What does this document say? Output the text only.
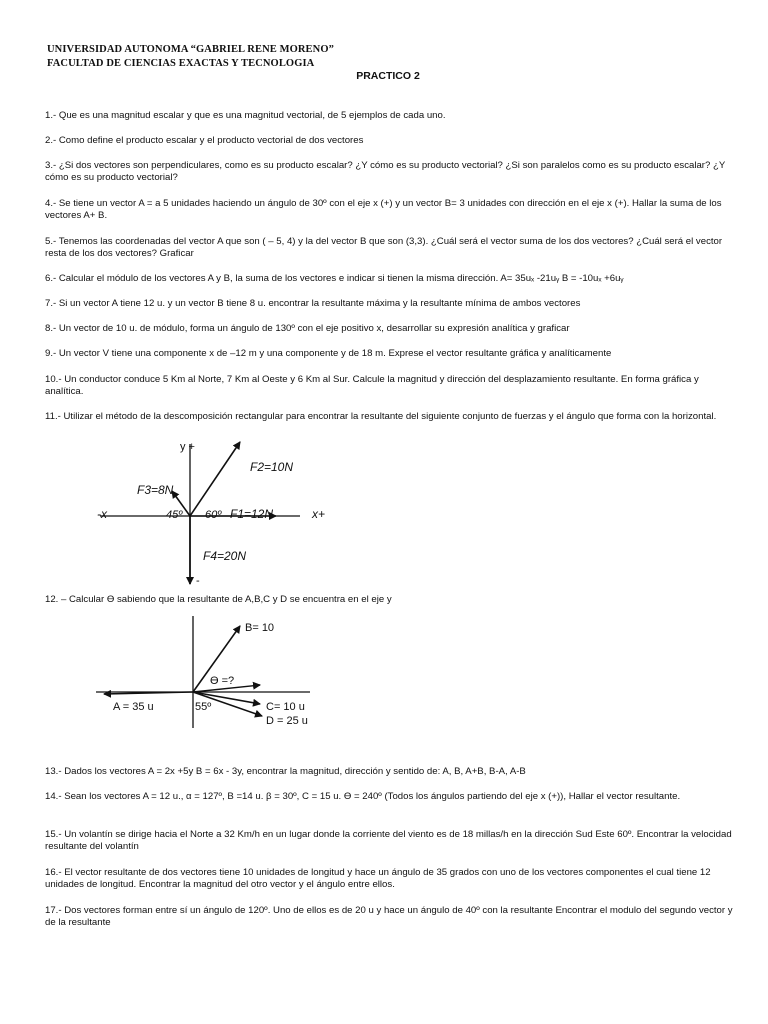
UNIVERSIDAD AUTONOMA “GABRIEL RENE MORENO”
FACULTAD DE CIENCIAS EXACTAS Y TECNOLOGIA
PRACTICO 2
1.- Que es una magnitud escalar y que es una magnitud vectorial, de 5 ejemplos de cada uno.
2.- Como define el producto escalar y el producto vectorial de dos vectores
3.- ¿Si dos vectores son perpendiculares, como es su producto escalar? ¿Y cómo es su producto vectorial? ¿Si son paralelos como es su producto escalar? ¿Y cómo es su producto vectorial?
4.- Se tiene un vector A = a 5 unidades haciendo un ángulo de 30º con el eje x (+) y un vector B= 3 unidades con dirección en el eje x (+). Hallar la suma de los vectores A+ B.
5.- Tenemos las coordenadas del vector A que son ( – 5, 4) y la del vector B que son (3,3). ¿Cuál será el vector suma de los dos vectores? ¿Cuál será el vector resta de los dos vectores? Graficar
6.- Calcular el módulo de los vectores A y B, la suma de los vectores e indicar si tienen la misma dirección. A= 35uₓ -21uᵧ B = -10uₓ +6uᵧ
7.- Si un vector A tiene 12 u. y un vector B tiene 8 u. encontrar la resultante máxima y la resultante mínima de ambos vectores
8.- Un vector de 10 u. de módulo, forma un ángulo de 130º con el eje positivo x, desarrollar su expresión analítica y graficar
9.- Un vector V tiene una componente x de –12 m y una componente y de 18 m. Exprese el vector resultante gráfica y analíticamente
10.- Un conductor conduce 5 Km al Norte, 7 Km al Oeste y 6 Km al Sur. Calcule la magnitud y dirección del desplazamiento resultante. En forma gráfica y analítica.
11.- Utilizar el método de la descomposición rectangular para encontrar la resultante del siguiente conjunto de fuerzas y el ángulo que forma con la horizontal.
y +
F2=10N
F3=8N
-x	45º 60º F1=12N	x+
F4=20N
-
12. – Calcular ϴ sabiendo que la resultante de A,B,C y D se encuentra en el eje y
B= 10
ϴ =?
A = 35 u	55º	C= 10 u
D = 25 u
13.- Dados los vectores A = 2x +5y B = 6x - 3y, encontrar la magnitud, dirección y sentido de: A, B, A+B, B-A, A-B
14.- Sean los vectores A = 12 u., α = 127º, B =14 u. β = 30º, C = 15 u. ϴ = 240º (Todos los ángulos partiendo del eje x (+)), Hallar el vector resultante.
15.- Un volantín se dirige hacia el Norte a 32 Km/h en un lugar donde la corriente del viento es de 18 millas/h en la dirección Sud Este 60º. Encontrar la velocidad resultante del volantín
16.- El vector resultante de dos vectores tiene 10 unidades de longitud y hace un ángulo de 35 grados con uno de los vectores componentes el cual tiene 12 unidades de longitud. Encontrar la magnitud del otro vector y el ángulo entre ellos.
17.- Dos vectores forman entre sí un ángulo de 120º. Uno de ellos es de 20 u y hace un ángulo de 40º con la resultante Encontrar el modulo del segundo vector y de la resultante
